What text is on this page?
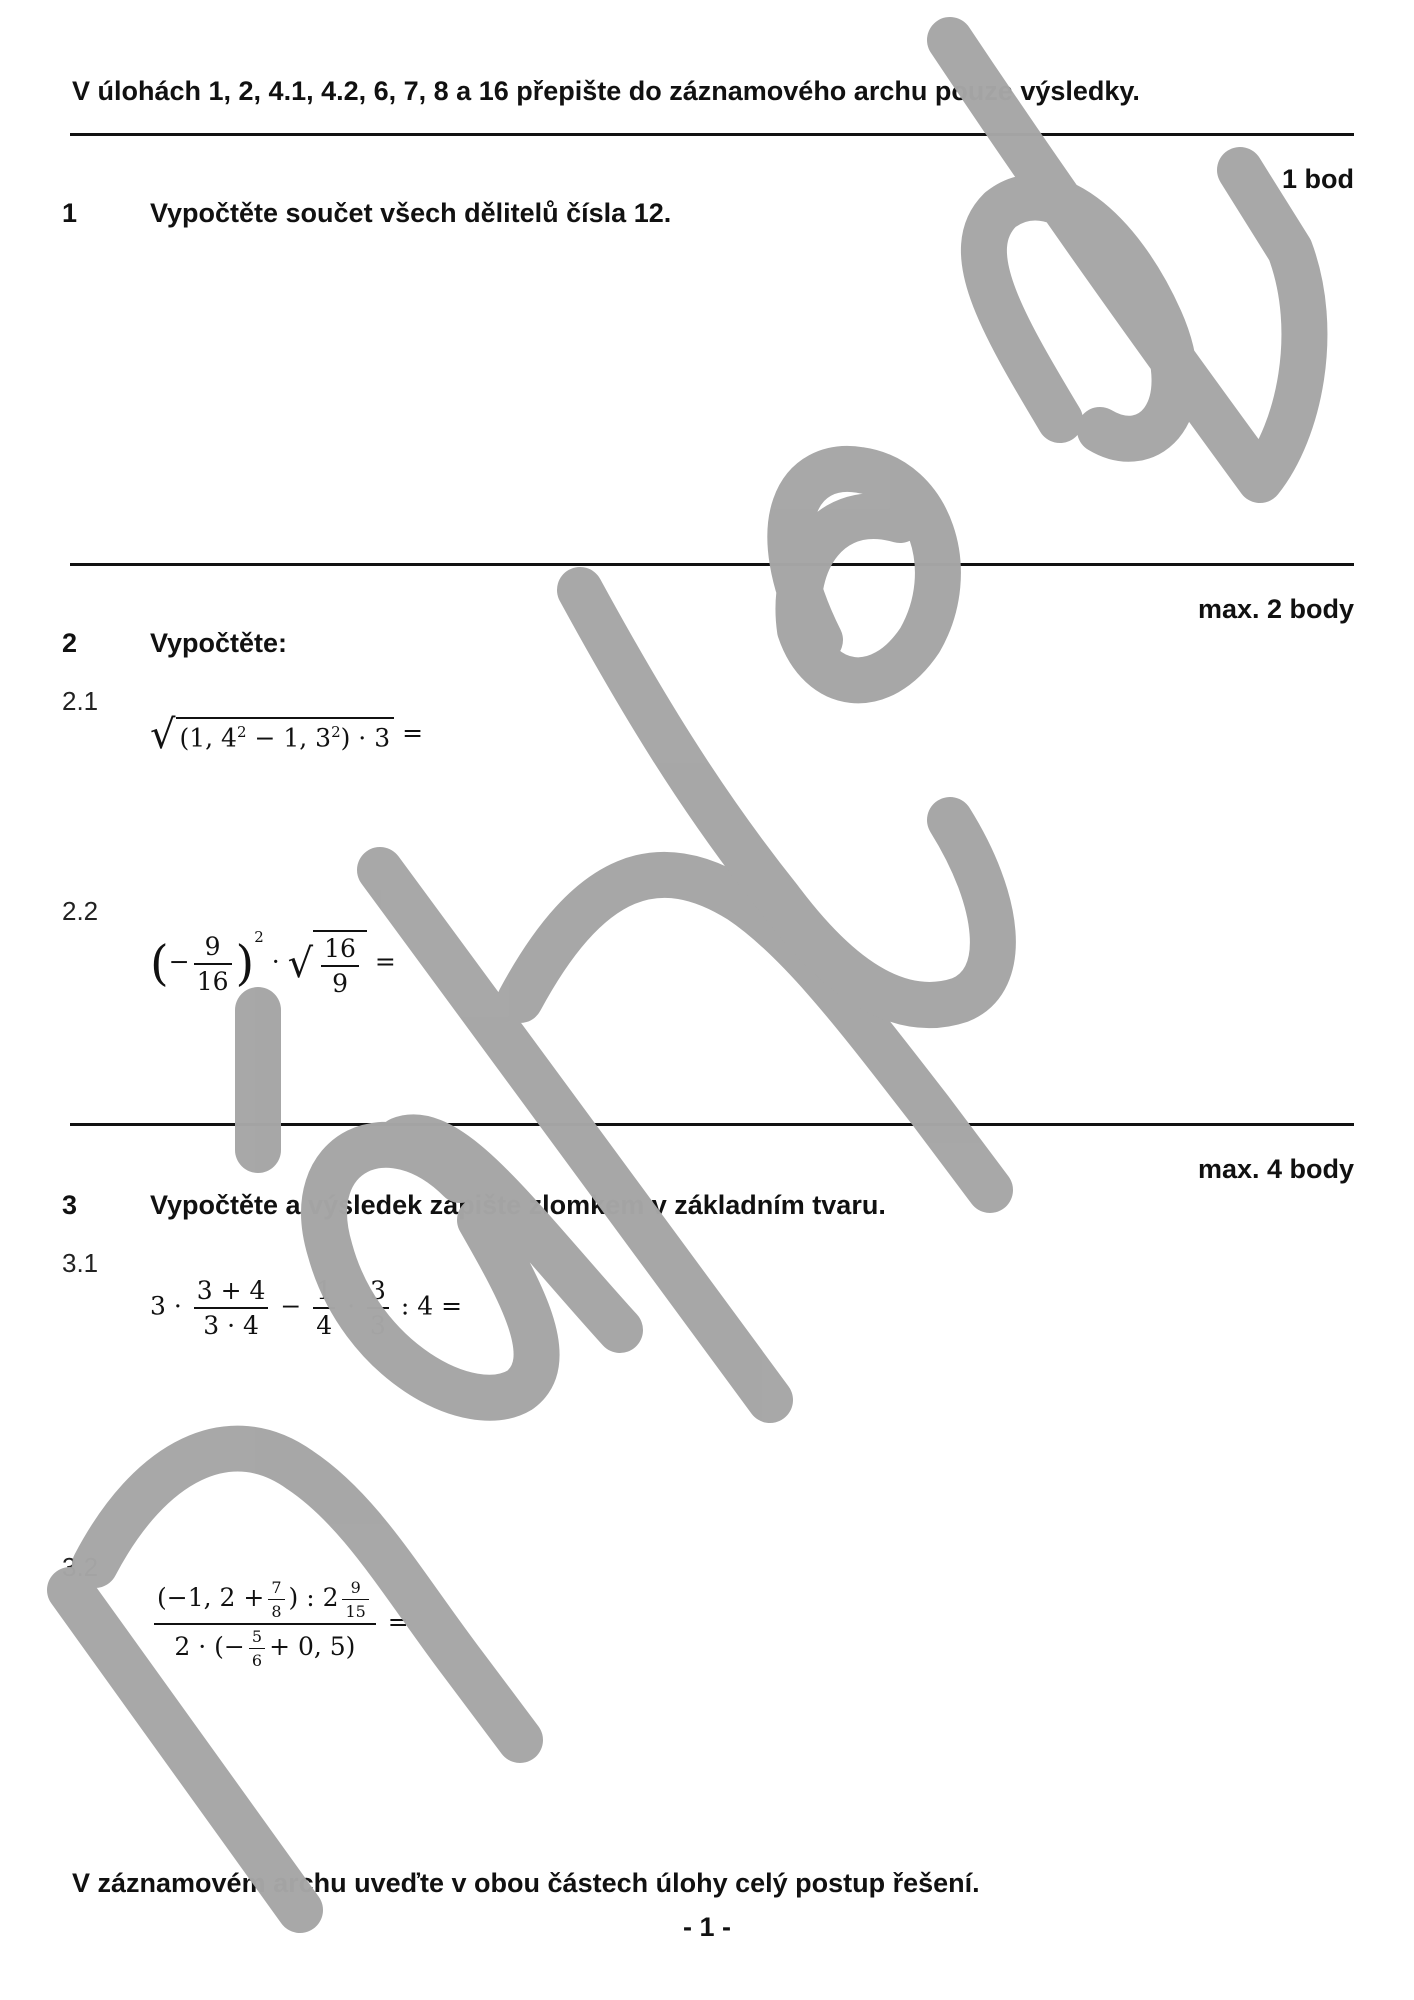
V úlohách 1, 2, 4.1, 4.2, 6, 7, 8 a 16 přepište do záznamového archu pouze výsledky.
1 bod
1	Vypočtěte součet všech dělitelů čísla 12.
max. 2 body
2	Vypočtěte:
2.1
√ (1, $4^2 - 1$, $3^2) \cdot 3$ =
2.2
(− $\frac{9}{16} )^2$ · √ $\frac{16}{9}$ =
max. 4 body
3	Vypočtěte a výsledek zapište zlomkem v základním tvaru.
3.1
$3 \cdot \frac{3 + 4}{3 \cdot 4} - \frac{1}{4} \cdot \frac{3}{3}$ : 4 =
3.2
$\frac{(-1, 2 + \frac{7}{8} ) : 2 \frac{9}{15}}{2 \cdot (- \frac{5}{6} + 0, 5)}$ =
V záznamovém archu uveďte v obou částech úlohy celý postup řešení.
- 1 -
